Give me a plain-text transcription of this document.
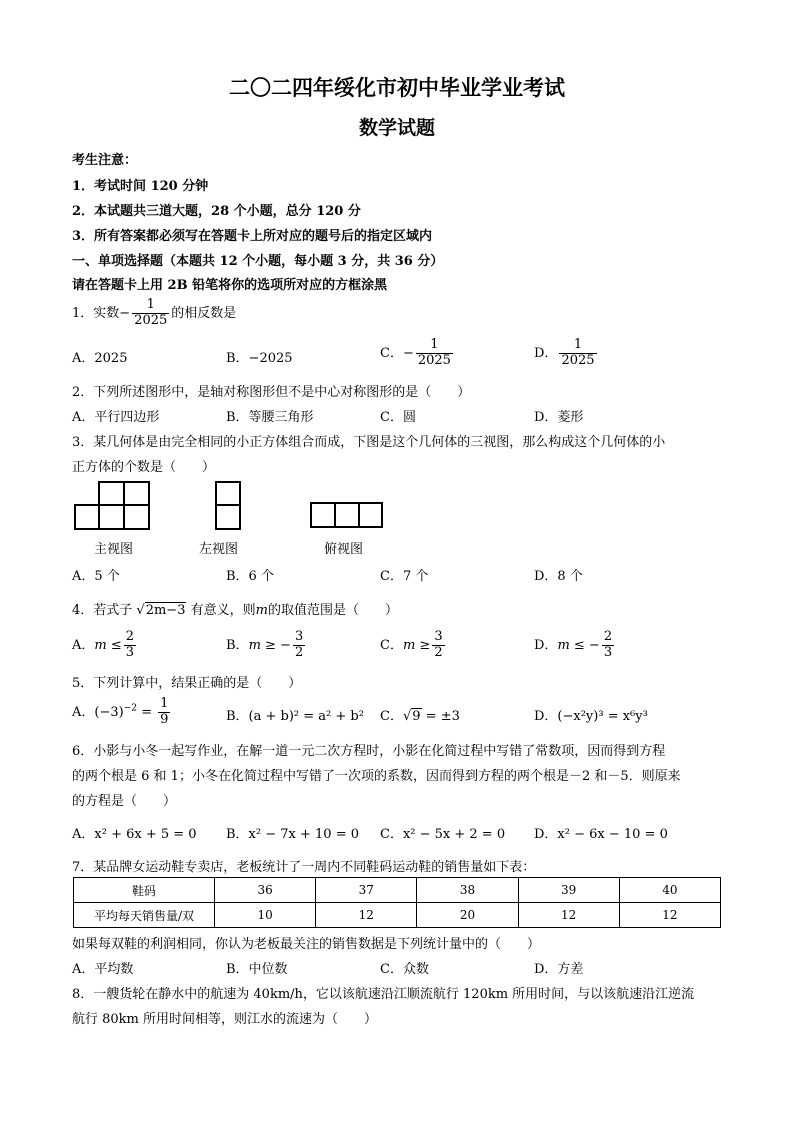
二〇二四年绥化市初中毕业学业考试
数学试题
考生注意：
1．考试时间 120 分钟
2．本试题共三道大题，28 个小题，总分 120 分
3．所有答案都必须写在答题卡上所对应的题号后的指定区域内
一、单项选择题（本题共 12 个小题，每小题 3 分，共 36 分）
请在答题卡上用 2B 铅笔将你的选项所对应的方框涂黑
1．实数− $\frac{1}{2025}$ 的相反数是
A．2025	B．−2025	C．− $\frac{1}{2025}$	D． $\frac{1}{2025}$
2．下列所述图形中，是轴对称图形但不是中心对称图形的是（　　）
A．平行四边形	B．等腰三角形	C．圆	D．菱形
3．某几何体是由完全相同的小正方体组合而成，下图是这个几何体的三视图，那么构成这个几何体的小
正方体的个数是（　　）
主视图	左视图	俯视图
A．5 个	B．6 个	C．7 个	D．8 个
4．若式子 √2m−3 有意义，则m的取值范围是（　　）
A．$m \le \frac{2}{3}$	B．m ≥ − $\frac{3}{2}$	C．$m \ge \frac{3}{2}$	D．m ≤ − $\frac{2}{3}$
5．下列计算中，结果正确的是（　　）
A．$(-3)^{-2} = \frac{1}{9}$	B．(a + b)² = a² + b² C．√9 = ±3	D．(−x²y)³ = x⁶y³
6．小影与小冬一起写作业，在解一道一元二次方程时，小影在化简过程中写错了常数项，因而得到方程
的两个根是 6 和 1；小冬在化简过程中写错了一次项的系数，因而得到方程的两个根是－2 和－5．则原来
的方程是（　　）
A．x² + 6x + 5 = 0 B．x² − 7x + 10 = 0 C．x² − 5x + 2 = 0 D．x² − 6x − 10 = 0
7．某品牌女运动鞋专卖店，老板统计了一周内不同鞋码运动鞋的销售量如下表：
鞋码	36	37	38	39	40
平均每天销售量/双	10	12	20	12	12
如果每双鞋的利润相同，你认为老板最关注的销售数据是下列统计量中的（　　）
A．平均数	B．中位数	C．众数	D．方差
8．一艘货轮在静水中的航速为 40km/h，它以该航速沿江顺流航行 120km 所用时间，与以该航速沿江逆流
航行 80km 所用时间相等，则江水的流速为（　　）
